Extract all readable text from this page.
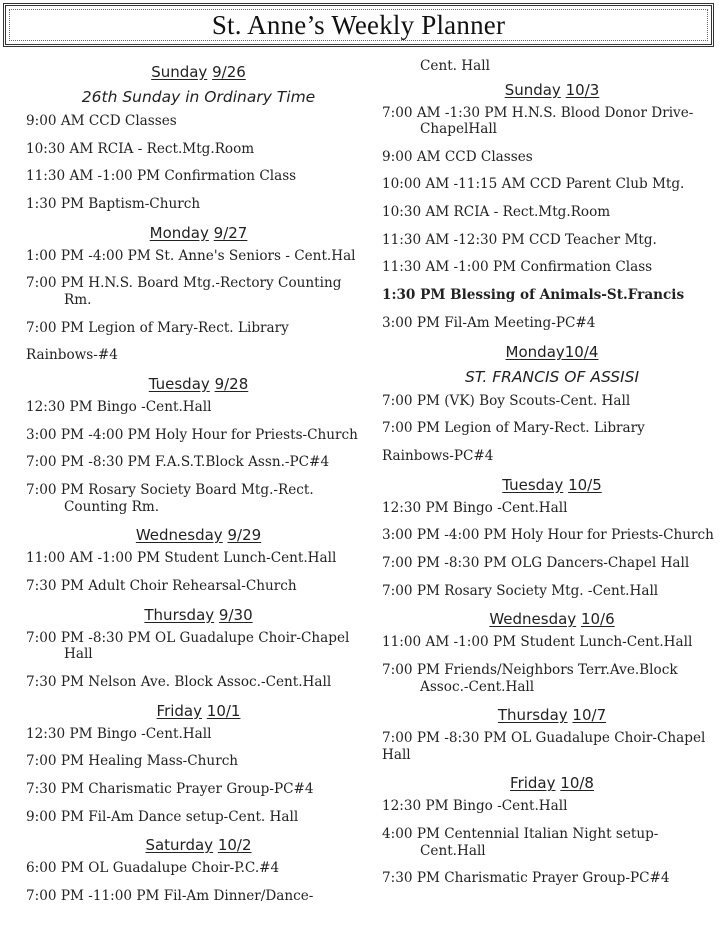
St. Anne’s Weekly Planner
Sunday 9/26
26th Sunday in Ordinary Time
9:00 AM CCD Classes
10:30 AM RCIA - Rect.Mtg.Room
11:30 AM -1:00 PM Confirmation Class
1:30 PM Baptism-Church
Monday 9/27
1:00 PM -4:00 PM St. Anne's Seniors - Cent.Hal
7:00 PM H.N.S. Board Mtg.-Rectory Counting Rm.
7:00 PM Legion of Mary-Rect. Library
Rainbows-#4
Tuesday 9/28
12:30 PM Bingo -Cent.Hall
3:00 PM -4:00 PM Holy Hour for Priests-Church
7:00 PM -8:30 PM F.A.S.T.Block Assn.-PC#4
7:00 PM Rosary Society Board Mtg.-Rect. Counting Rm.
Wednesday 9/29
11:00 AM -1:00 PM Student Lunch-Cent.Hall
7:30 PM Adult Choir Rehearsal-Church
Thursday 9/30
7:00 PM -8:30 PM OL Guadalupe Choir-Chapel Hall
7:30 PM Nelson Ave. Block Assoc.-Cent.Hall
Friday 10/1
12:30 PM Bingo -Cent.Hall
7:00 PM Healing Mass-Church
7:30 PM Charismatic Prayer Group-PC#4
9:00 PM Fil-Am Dance setup-Cent. Hall
Saturday 10/2
6:00 PM OL Guadalupe Choir-P.C.#4
7:00 PM -11:00 PM Fil-Am Dinner/Dance-
Cent. Hall
Sunday 10/3
7:00 AM -1:30 PM H.N.S. Blood Donor Drive-ChapelHall
9:00 AM CCD Classes
10:00 AM -11:15 AM CCD Parent Club Mtg.
10:30 AM RCIA - Rect.Mtg.Room
11:30 AM -12:30 PM CCD Teacher Mtg.
11:30 AM -1:00 PM Confirmation Class
1:30 PM Blessing of Animals-St.Francis
3:00 PM Fil-Am Meeting-PC#4
Monday10/4
ST. FRANCIS OF ASSISI
7:00 PM (VK) Boy Scouts-Cent. Hall
7:00 PM Legion of Mary-Rect. Library
Rainbows-PC#4
Tuesday 10/5
12:30 PM Bingo -Cent.Hall
3:00 PM -4:00 PM Holy Hour for Priests-Church
7:00 PM -8:30 PM OLG Dancers-Chapel Hall
7:00 PM Rosary Society Mtg. -Cent.Hall
Wednesday 10/6
11:00 AM -1:00 PM Student Lunch-Cent.Hall
7:00 PM Friends/Neighbors Terr.Ave.Block Assoc.-Cent.Hall
Thursday 10/7
7:00 PM -8:30 PM OL Guadalupe Choir-Chapel Hall
Friday 10/8
12:30 PM Bingo -Cent.Hall
4:00 PM Centennial Italian Night setup-Cent.Hall
7:30 PM Charismatic Prayer Group-PC#4
